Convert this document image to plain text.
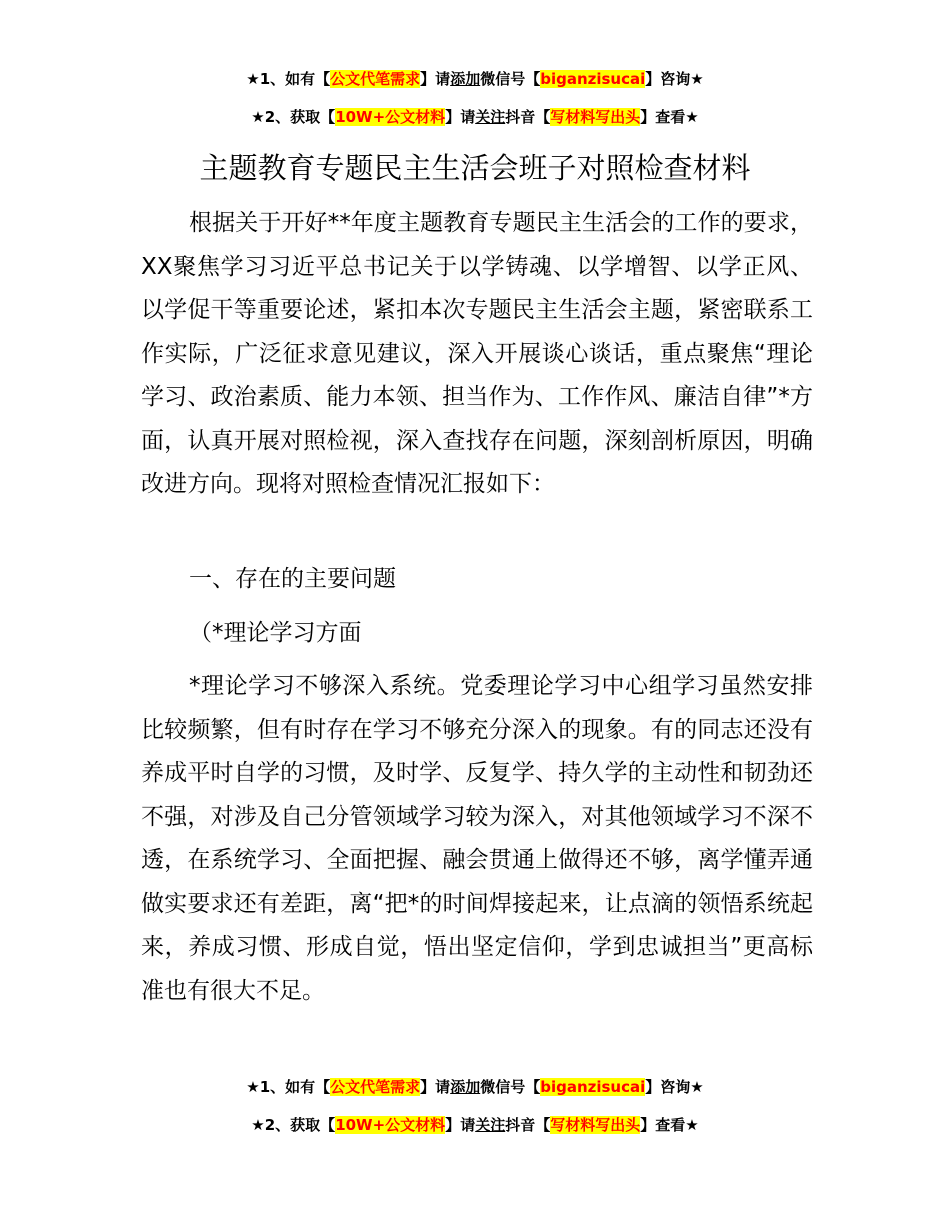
★1、如有【公文代笔需求】请添加微信号【biganzisucai】咨询★
★2、获取【10W+公文材料】请关注抖音【写材料写出头】查看★
主题教育专题民主生活会班子对照检查材料

根据关于开好**年度主题教育专题民主生活会的工作的要求，XX聚焦学习习近平总书记关于以学铸魂、以学增智、以学正风、以学促干等重要论述，紧扣本次专题民主生活会主题，紧密联系工作实际，广泛征求意见建议，深入开展谈心谈话，重点聚焦“理论学习、政治素质、能力本领、担当作为、工作作风、廉洁自律”*方面，认真开展对照检视，深入查找存在问题，深刻剖析原因，明确改进方向。现将对照检查情况汇报如下：

一、存在的主要问题

（*理论学习方面

*理论学习不够深入系统。党委理论学习中心组学习虽然安排比较频繁，但有时存在学习不够充分深入的现象。有的同志还没有养成平时自学的习惯，及时学、反复学、持久学的主动性和韧劲还不强，对涉及自己分管领域学习较为深入，对其他领域学习不深不透，在系统学习、全面把握、融会贯通上做得还不够，离学懂弄通做实要求还有差距，离“把*的时间焊接起来，让点滴的领悟系统起来，养成习惯、形成自觉，悟出坚定信仰，学到忠诚担当”更高标准也有很大不足。

★1、如有【公文代笔需求】请添加微信号【biganzisucai】咨询★
★2、获取【10W+公文材料】请关注抖音【写材料写出头】查看★
